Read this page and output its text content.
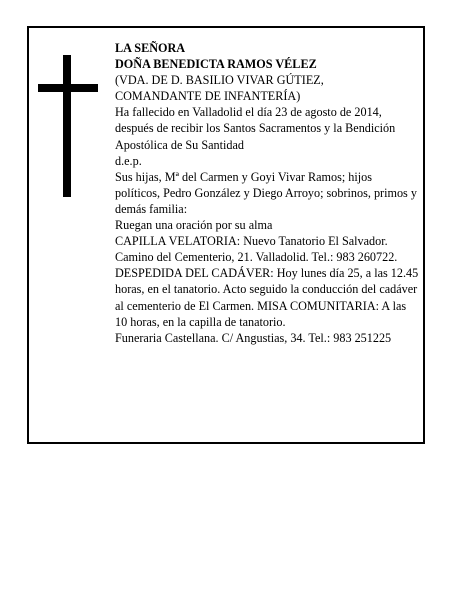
LA SEÑORA

DOÑA BENEDICTA RAMOS VÉLEZ

(VDA. DE D. BASILIO VIVAR GÚTIEZ,

COMANDANTE DE INFANTERÍA)

Ha fallecido en Valladolid el día 23 de agosto de 2014, después de recibir los Santos Sacramentos y la Bendición Apostólica de Su Santidad

d.e.p.

Sus hijas, Mª del Carmen y Goyi Vivar Ramos; hijos políticos, Pedro González y Diego Arroyo; sobrinos, primos y demás familia:

Ruegan una oración por su alma

CAPILLA VELATORIA: Nuevo Tanatorio El Salvador. Camino del Cementerio, 21. Valladolid. Tel.: 983 260722. DESPEDIDA DEL CADÁVER: Hoy lunes día 25, a las 12.45 horas, en el tanatorio. Acto seguido la conducción del cadáver al cementerio de El Carmen. MISA COMUNITARIA: A las 10 horas, en la capilla de tanatorio.

Funeraria Castellana. C/ Angustias, 34. Tel.: 983 251225
